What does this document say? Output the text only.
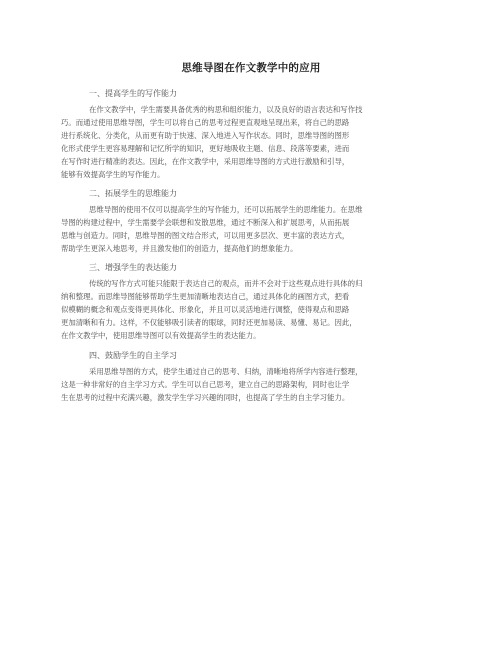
思维导图在作文教学中的应用
一、提高学生的写作能力
在作文教学中，学生需要具备优秀的构思和组织能力，以及良好的语言表达和写作技
巧。而通过使用思维导图，学生可以将自己的思考过程更直观地呈现出来，将自己的思路
进行系统化、分类化，从而更有助于快速、深入地进入写作状态。同时，思维导图的图形
化形式使学生更容易理解和记忆所学的知识，更好地吸收主题、信息、段落等要素，进而
在写作时进行精准的表达。因此，在作文教学中，采用思维导图的方式进行激励和引导，
能够有效提高学生的写作能力。
二、拓展学生的思维能力
思维导图的使用不仅可以提高学生的写作能力，还可以拓展学生的思维能力。在思维
导图的构建过程中，学生需要学会联想和发散思维，通过不断深入和扩展思考，从而拓展
思维与创造力。同时，思维导图的图文结合形式，可以用更多层次、更丰富的表达方式，
帮助学生更深入地思考，并且激发他们的创造力，提高他们的想象能力。
三、增强学生的表达能力
传统的写作方式可能只能限于表达自己的观点，而并不会对于这些观点进行具体的归
纳和整理。而思维导图能够帮助学生更加清晰地表达自己，通过具体化的画图方式，把看
似模糊的概念和观点变得更具体化、形象化，并且可以灵活地进行调整，使得观点和思路
更加清晰和有力。这样，不仅能够吸引读者的眼球，同时还更加易读、易懂、易记。因此，
在作文教学中，使用思维导图可以有效提高学生的表达能力。
四、鼓励学生的自主学习
采用思维导图的方式，使学生通过自己的思考、归纳，清晰地将所学内容进行整理，
这是一种非常好的自主学习方式。学生可以自己思考，建立自己的思路架构，同时也让学
生在思考的过程中充满兴趣，激发学生学习兴趣的同时，也提高了学生的自主学习能力。
